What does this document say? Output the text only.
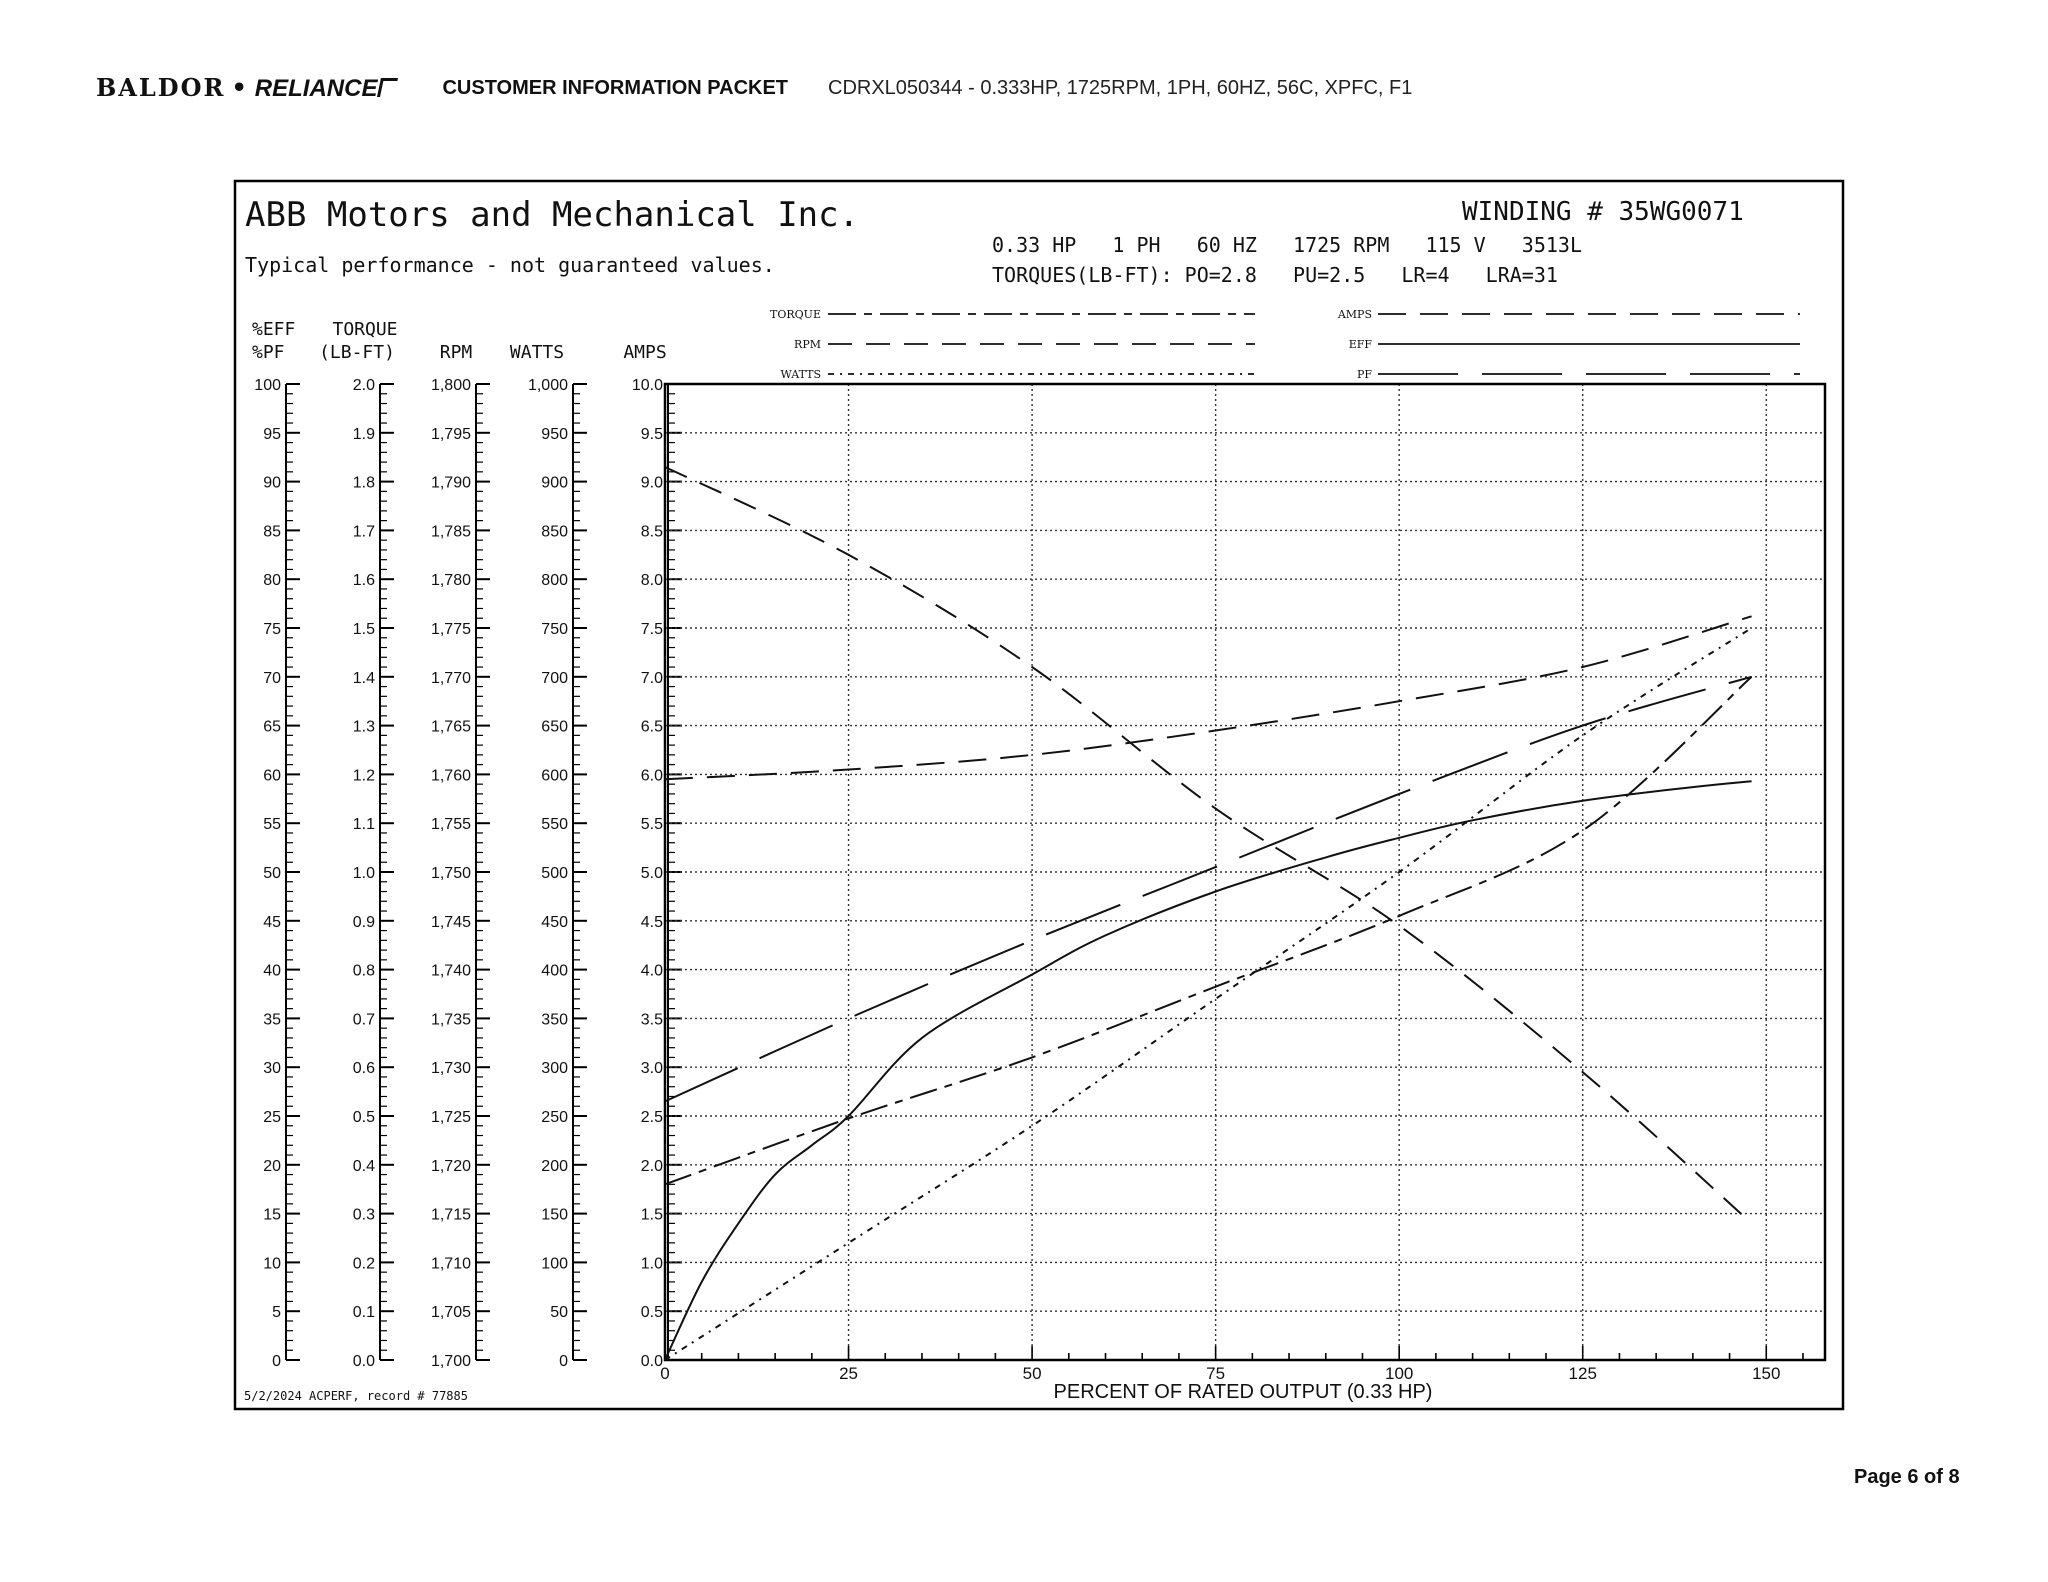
BALDOR • RELIANCE	CUSTOMER INFORMATION PACKET CDRXL050344 - 0.333HP, 1725RPM, 1PH, 60HZ, 56C, XPFC, F1
ABB Motors and Mechanical Inc.
Typical performance - not guaranteed values.
WINDING # 35WG0071
0.33 HP   1 PH   60 HZ   1725 RPM   115 V   3513L
TORQUES(LB-FT): PO=2.8   PU=2.5   LR=4   LRA=31
5/2/2024 ACPERF, record # 77885	PERCENT OF RATED OUTPUT (0.33 HP)
0
5
10
15
20
25
30
35
40
45
50
55
60
65
70
75
80
85
90
95
100
0.0
0.1
0.2
0.3
0.4
0.5
0.6
0.7
0.8
0.9
1.0
1.1
1.2
1.3
1.4
1.5
1.6
1.7
1.8
1.9
2.0
1,700
1,705
1,710
1,715
1,720
1,725
1,730
1,735
1,740
1,745
1,750
1,755
1,760
1,765
1,770
1,775
1,780
1,785
1,790
1,795
1,800
0
50
100
150
200
250
300
350
400
450
500
550
600
650
700
750
800
850
900
950
1,000
0.0
0.5
1.0
1.5
2.0
2.5
3.0
3.5
4.0
4.5
5.0
5.5
6.0
6.5
7.0
7.5
8.0
8.5
9.0
9.5
10.0
%EFF
%PF
TORQUE
(LB-FT) RPM WATTS	AMPS
0	25	50	75	100	125	150
TORQUE
RPM
WATTS
AMPS
EFF
PF
Page 6 of 8
